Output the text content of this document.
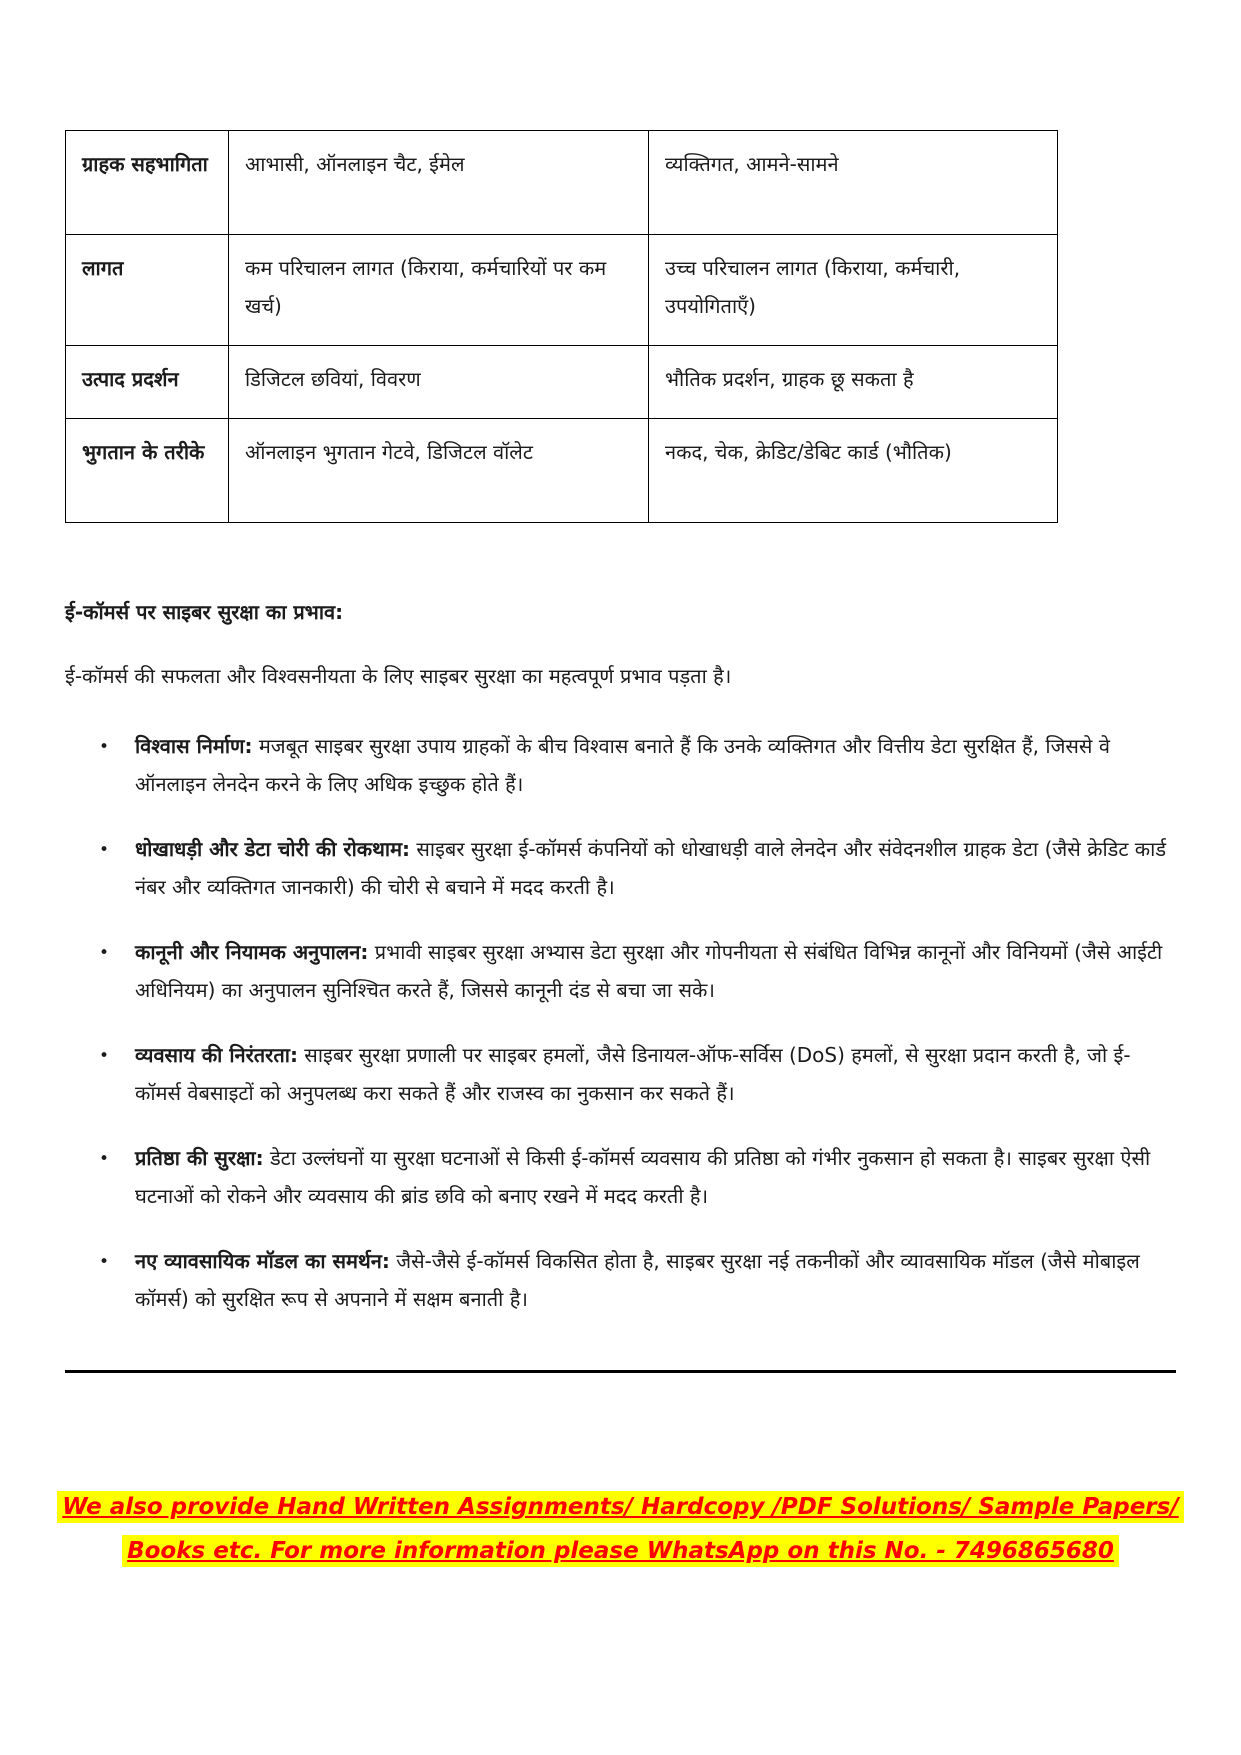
ग्राहक सहभागिता	आभासी, ऑनलाइन चैट, ईमेल	व्यक्तिगत, आमने-सामने
लागत	कम परिचालन लागत (किराया, कर्मचारियों पर कम खर्च)	उच्च परिचालन लागत (किराया, कर्मचारी, उपयोगिताएँ)
उत्पाद प्रदर्शन	डिजिटल छवियां, विवरण	भौतिक प्रदर्शन, ग्राहक छू सकता है
भुगतान के तरीके	ऑनलाइन भुगतान गेटवे, डिजिटल वॉलेट	नकद, चेक, क्रेडिट/डेबिट कार्ड (भौतिक)
ई-कॉमर्स पर साइबर सुरक्षा का प्रभाव:
ई-कॉमर्स की सफलता और विश्वसनीयता के लिए साइबर सुरक्षा का महत्वपूर्ण प्रभाव पड़ता है।
• विश्वास निर्माण: मजबूत साइबर सुरक्षा उपाय ग्राहकों के बीच विश्वास बनाते हैं कि उनके व्यक्तिगत और वित्तीय डेटा सुरक्षित हैं, जिससे वे ऑनलाइन लेनदेन करने के लिए अधिक इच्छुक होते हैं।
• धोखाधड़ी और डेटा चोरी की रोकथाम: साइबर सुरक्षा ई-कॉमर्स कंपनियों को धोखाधड़ी वाले लेनदेन और संवेदनशील ग्राहक डेटा (जैसे क्रेडिट कार्ड नंबर और व्यक्तिगत जानकारी) की चोरी से बचाने में मदद करती है।
• कानूनी और नियामक अनुपालन: प्रभावी साइबर सुरक्षा अभ्यास डेटा सुरक्षा और गोपनीयता से संबंधित विभिन्न कानूनों और विनियमों (जैसे आईटी अधिनियम) का अनुपालन सुनिश्चित करते हैं, जिससे कानूनी दंड से बचा जा सके।
• व्यवसाय की निरंतरता: साइबर सुरक्षा प्रणाली पर साइबर हमलों, जैसे डिनायल-ऑफ-सर्विस (DoS) हमलों, से सुरक्षा प्रदान करती है, जो ई-कॉमर्स वेबसाइटों को अनुपलब्ध करा सकते हैं और राजस्व का नुकसान कर सकते हैं।
• प्रतिष्ठा की सुरक्षा: डेटा उल्लंघनों या सुरक्षा घटनाओं से किसी ई-कॉमर्स व्यवसाय की प्रतिष्ठा को गंभीर नुकसान हो सकता है। साइबर सुरक्षा ऐसी घटनाओं को रोकने और व्यवसाय की ब्रांड छवि को बनाए रखने में मदद करती है।
• नए व्यावसायिक मॉडल का समर्थन: जैसे-जैसे ई-कॉमर्स विकसित होता है, साइबर सुरक्षा नई तकनीकों और व्यावसायिक मॉडल (जैसे मोबाइल कॉमर्स) को सुरक्षित रूप से अपनाने में सक्षम बनाती है।
We also provide Hand Written Assignments/ Hardcopy /PDF Solutions/ Sample Papers/
Books etc. For more information please WhatsApp on this No. - 7496865680
